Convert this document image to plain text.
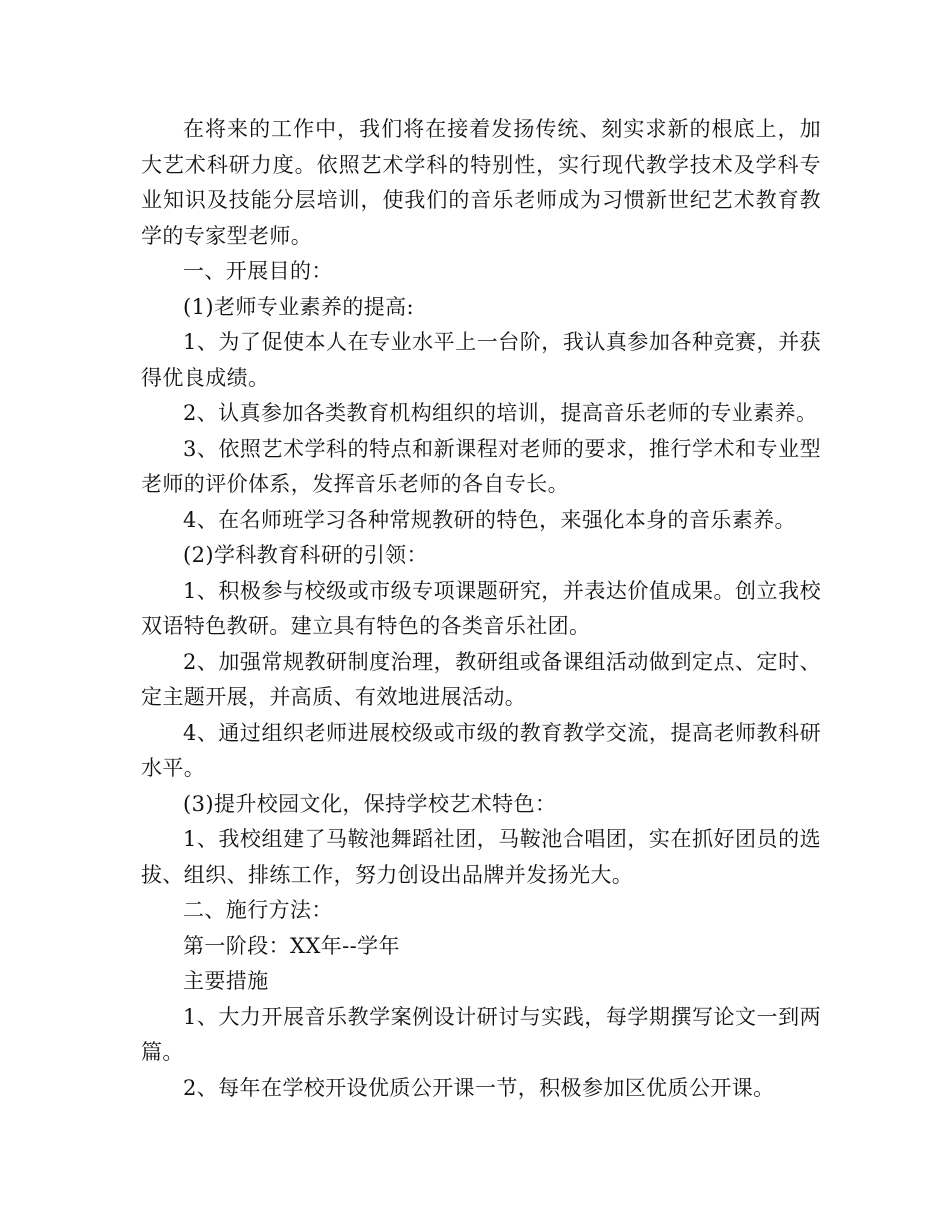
在将来的工作中，我们将在接着发扬传统、刻实求新的根底上，加大艺术科研力度。依照艺术学科的特别性，实行现代教学技术及学科专业知识及技能分层培训，使我们的音乐老师成为习惯新世纪艺术教育教学的专家型老师。

一、开展目的：

(1)老师专业素养的提高:

1、为了促使本人在专业水平上一台阶，我认真参加各种竞赛，并获得优良成绩。

2、认真参加各类教育机构组织的培训，提高音乐老师的专业素养。

3、依照艺术学科的特点和新课程对老师的要求，推行学术和专业型老师的评价体系，发挥音乐老师的各自专长。

4、在名师班学习各种常规教研的特色，来强化本身的音乐素养。

(2)学科教育科研的引领：

1、积极参与校级或市级专项课题研究，并表达价值成果。创立我校双语特色教研。建立具有特色的各类音乐社团。

2、加强常规教研制度治理，教研组或备课组活动做到定点、定时、定主题开展，并高质、有效地进展活动。

4、通过组织老师进展校级或市级的教育教学交流，提高老师教科研水平。

(3)提升校园文化，保持学校艺术特色：

1、我校组建了马鞍池舞蹈社团，马鞍池合唱团，实在抓好团员的选拔、组织、排练工作，努力创设出品牌并发扬光大。

二、施行方法：

第一阶段：XX年--学年

主要措施

1、大力开展音乐教学案例设计研讨与实践，每学期撰写论文一到两篇。

2、每年在学校开设优质公开课一节，积极参加区优质公开课。
